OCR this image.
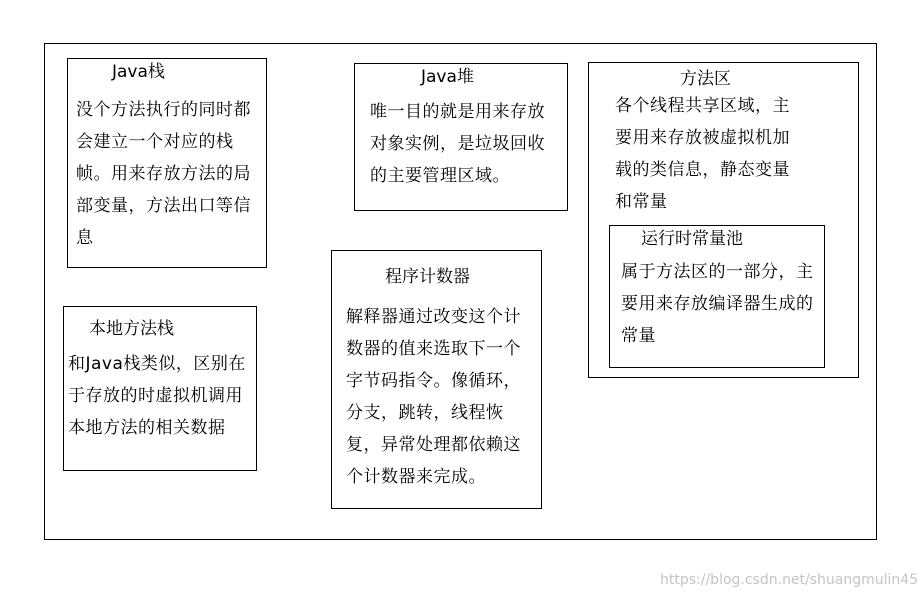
Java栈
没个方法执行的同时都会建立一个对应的栈帧。用来存放方法的局部变量，方法出口等信息
Java堆
唯一目的就是用来存放对象实例，是垃圾回收的主要管理区域。
方法区
各个线程共享区域，主要用来存放被虚拟机加载的类信息，静态变量和常量
运行时常量池
属于方法区的一部分，主要用来存放编译器生成的常量
本地方法栈
和Java栈类似，区别在于存放的时虚拟机调用本地方法的相关数据
程序计数器
解释器通过改变这个计数器的值来选取下一个字节码指令。像循环，分支，跳转，线程恢复，异常处理都依赖这个计数器来完成。
https://blog.csdn.net/shuangmulin45
